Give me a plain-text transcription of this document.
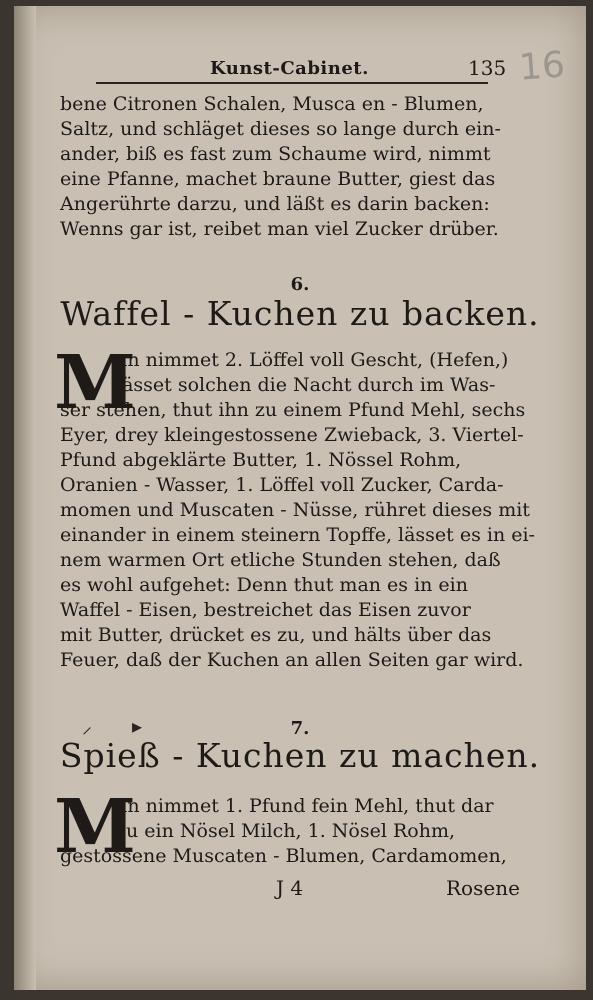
Kunst-Cabinet.	135 16
bene Citronen Schalen, Musca en - Blumen,
Saltz, und schläget dieses so lange durch ein-
ander, biß es fast zum Schaume wird, nimmt
eine Pfanne, machet braune Butter, giest das
Angerührte darzu, und läßt es darin backen:
Wenns gar ist, reibet man viel Zucker drüber.
6.
Waffel - Kuchen zu backen.
M
an nimmet 2. Löffel voll Gescht, (Hefen,)
lässet solchen die Nacht durch im Was-
ser stehen, thut ihn zu einem Pfund Mehl, sechs
Eyer, drey kleingestossene Zwieback, 3. Viertel-
Pfund abgeklärte Butter, 1. Nössel Rohm,
Oranien - Wasser, 1. Löffel voll Zucker, Carda-
momen und Muscaten - Nüsse, rühret dieses mit
einander in einem steinern Topffe, lässet es in ei-
nem warmen Ort etliche Stunden stehen, daß
es wohl aufgehet: Denn thut man es in ein
Waffel - Eisen, bestreichet das Eisen zuvor
mit Butter, drücket es zu, und hälts über das
Feuer, daß der Kuchen an allen Seiten gar wird.
⸝ ▸	7.
Spieß - Kuchen zu machen.
M
an nimmet 1. Pfund fein Mehl, thut dar
zu ein Nösel Milch, 1. Nösel Rohm,
gestossene Muscaten - Blumen, Cardamomen,
J 4	Rosene
